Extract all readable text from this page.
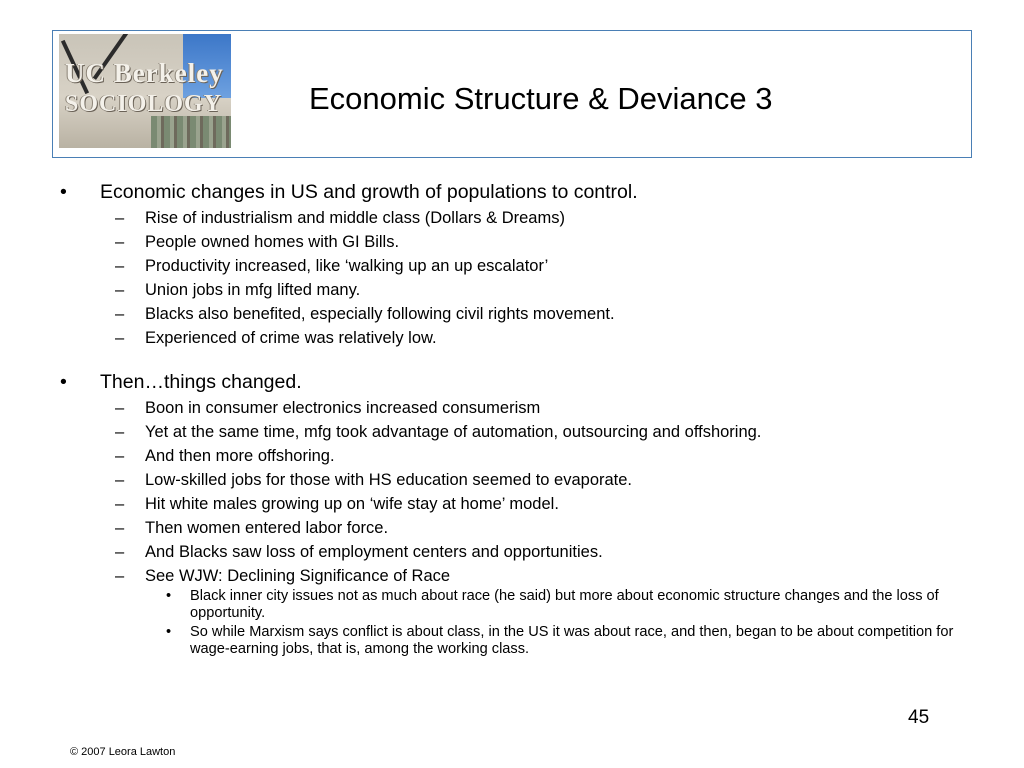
UC Berkeley
SOCIOLOGY	Economic Structure & Deviance 3
• Economic changes in US and growth of populations to control.
– Rise of industrialism and middle class (Dollars & Dreams)
– People owned homes with GI Bills.
– Productivity increased, like ‘walking up an up escalator’
– Union jobs in mfg lifted many.
– Blacks also benefited, especially following civil rights movement.
– Experienced of crime was relatively low.
• Then…things changed.
– Boon in consumer electronics increased consumerism
– Yet at the same time, mfg took advantage of automation, outsourcing and offshoring.
– And then more offshoring.
– Low-skilled jobs for those with HS education seemed to evaporate.
– Hit white males growing up on ‘wife stay at home’ model.
– Then women entered labor force.
– And Blacks saw loss of employment centers and opportunities.
– See WJW: Declining Significance of Race
• Black inner city issues not as much about race (he said) but more about economic structure changes and the loss of opportunity.
• So while Marxism says conflict is about class, in the US it was about race, and then, began to be about competition for wage-earning jobs, that is, among the working class.
45
© 2007 Leora Lawton
